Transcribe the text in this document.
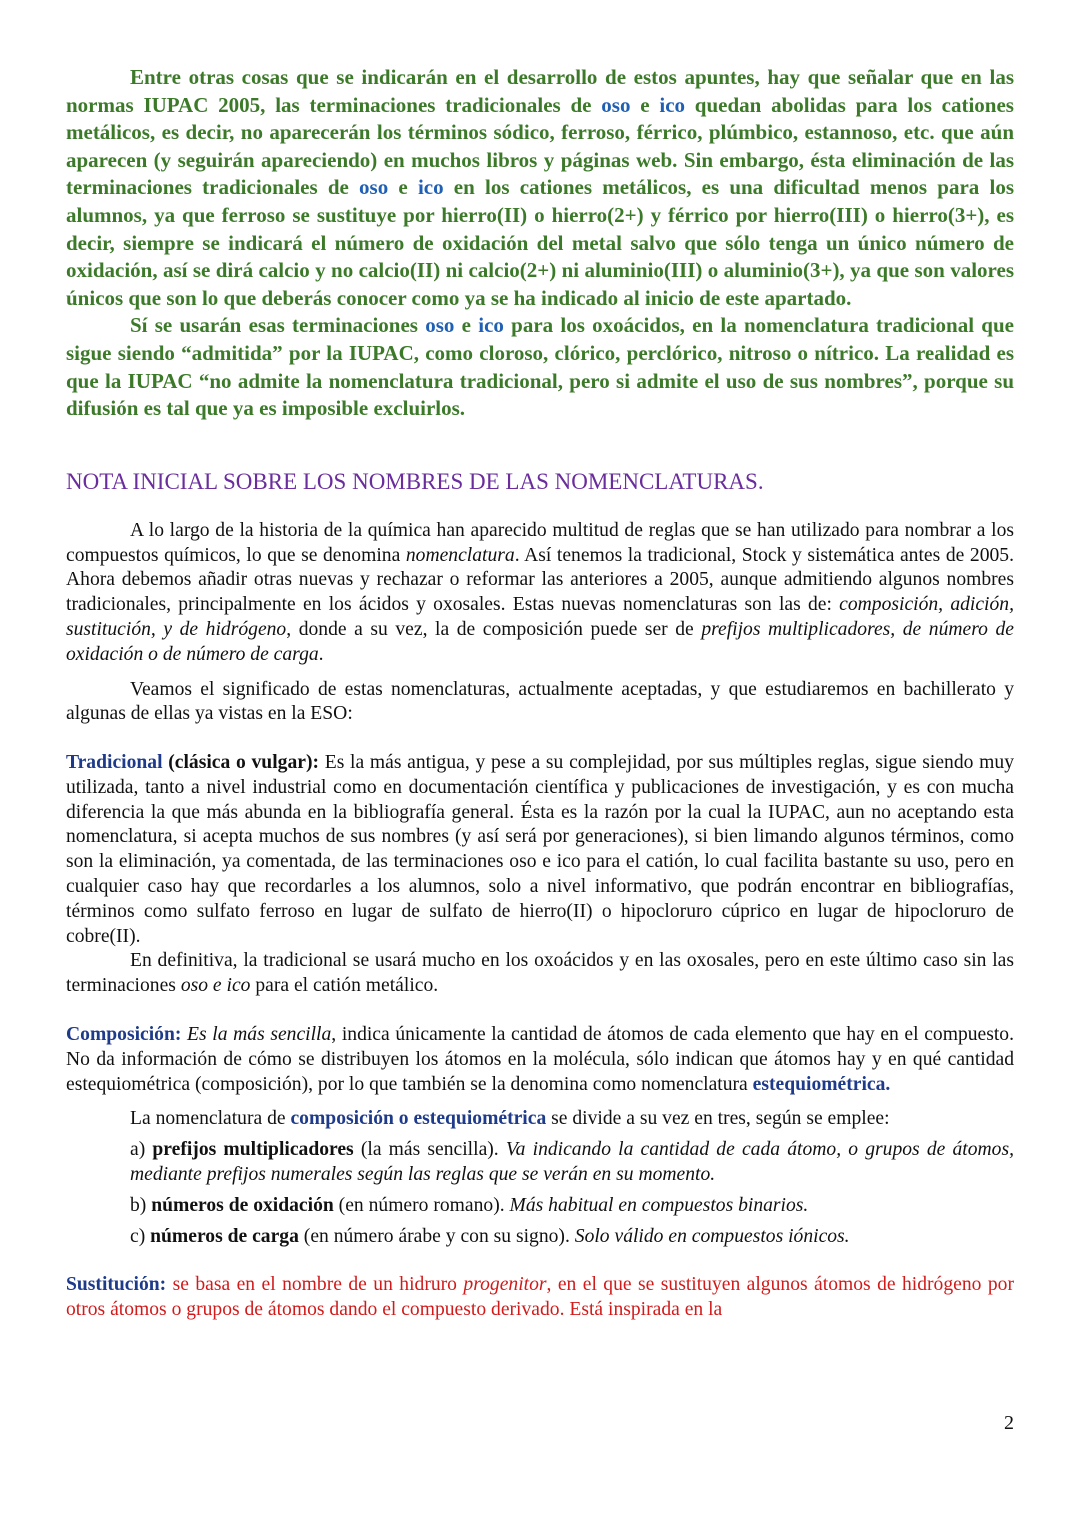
Entre otras cosas que se indicarán en el desarrollo de estos apuntes, hay que señalar que en las normas IUPAC 2005, las terminaciones tradicionales de oso e ico quedan abolidas para los cationes metálicos, es decir, no aparecerán los términos sódico, ferroso, férrico, plúmbico, estannoso, etc. que aún aparecen (y seguirán apareciendo) en muchos libros y páginas web. Sin embargo, ésta eliminación de las terminaciones tradicionales de oso e ico en los cationes metálicos, es una dificultad menos para los alumnos, ya que ferroso se sustituye por hierro(II) o hierro(2+) y férrico por hierro(III) o hierro(3+), es decir, siempre se indicará el número de oxidación del metal salvo que sólo tenga un único número de oxidación, así se dirá calcio y no calcio(II) ni calcio(2+) ni aluminio(III) o aluminio(3+), ya que son valores únicos que son lo que deberás conocer como ya se ha indicado al inicio de este apartado.

Sí se usarán esas terminaciones oso e ico para los oxoácidos, en la nomenclatura tradicional que sigue siendo “admitida” por la IUPAC, como cloroso, clórico, perclórico, nitroso o nítrico. La realidad es que la IUPAC “no admite la nomenclatura tradicional, pero si admite el uso de sus nombres”, porque su difusión es tal que ya es imposible excluirlos.

NOTA INICIAL SOBRE LOS NOMBRES DE LAS NOMENCLATURAS.

A lo largo de la historia de la química han aparecido multitud de reglas que se han utilizado para nombrar a los compuestos químicos, lo que se denomina nomenclatura. Así tenemos la tradicional, Stock y sistemática antes de 2005. Ahora debemos añadir otras nuevas y rechazar o reformar las anteriores a 2005, aunque admitiendo algunos nombres tradicionales, principalmente en los ácidos y oxosales. Estas nuevas nomenclaturas son las de: composición, adición, sustitución, y de hidrógeno, donde a su vez, la de composición puede ser de prefijos multiplicadores, de número de oxidación o de número de carga.

Veamos el significado de estas nomenclaturas, actualmente aceptadas, y que estudiaremos en bachillerato y algunas de ellas ya vistas en la ESO:

Tradicional (clásica o vulgar): Es la más antigua, y pese a su complejidad, por sus múltiples reglas, sigue siendo muy utilizada, tanto a nivel industrial como en documentación científica y publicaciones de investigación, y es con mucha diferencia la que más abunda en la bibliografía general. Ésta es la razón por la cual la IUPAC, aun no aceptando esta nomenclatura, si acepta muchos de sus nombres (y así será por generaciones), si bien limando algunos términos, como son la eliminación, ya comentada, de las terminaciones oso e ico para el catión, lo cual facilita bastante su uso, pero en cualquier caso hay que recordarles a los alumnos, solo a nivel informativo, que podrán encontrar en bibliografías, términos como sulfato ferroso en lugar de sulfato de hierro(II) o hipocloruro cúprico en lugar de hipocloruro de cobre(II).

En definitiva, la tradicional se usará mucho en los oxoácidos y en las oxosales, pero en este último caso sin las terminaciones oso e ico para el catión metálico.

Composición: Es la más sencilla, indica únicamente la cantidad de átomos de cada elemento que hay en el compuesto. No da información de cómo se distribuyen los átomos en la molécula, sólo indican que átomos hay y en qué cantidad estequiométrica (composición), por lo que también se la denomina como nomenclatura estequiométrica.

La nomenclatura de composición o estequiométrica se divide a su vez en tres, según se emplee:

a) prefijos multiplicadores (la más sencilla). Va indicando la cantidad de cada átomo, o grupos de átomos, mediante prefijos numerales según las reglas que se verán en su momento.

b) números de oxidación (en número romano). Más habitual en compuestos binarios.

c) números de carga (en número árabe y con su signo). Solo válido en compuestos iónicos.

Sustitución: se basa en el nombre de un hidruro progenitor, en el que se sustituyen algunos átomos de hidrógeno por otros átomos o grupos de átomos dando el compuesto derivado. Está inspirada en la

2
